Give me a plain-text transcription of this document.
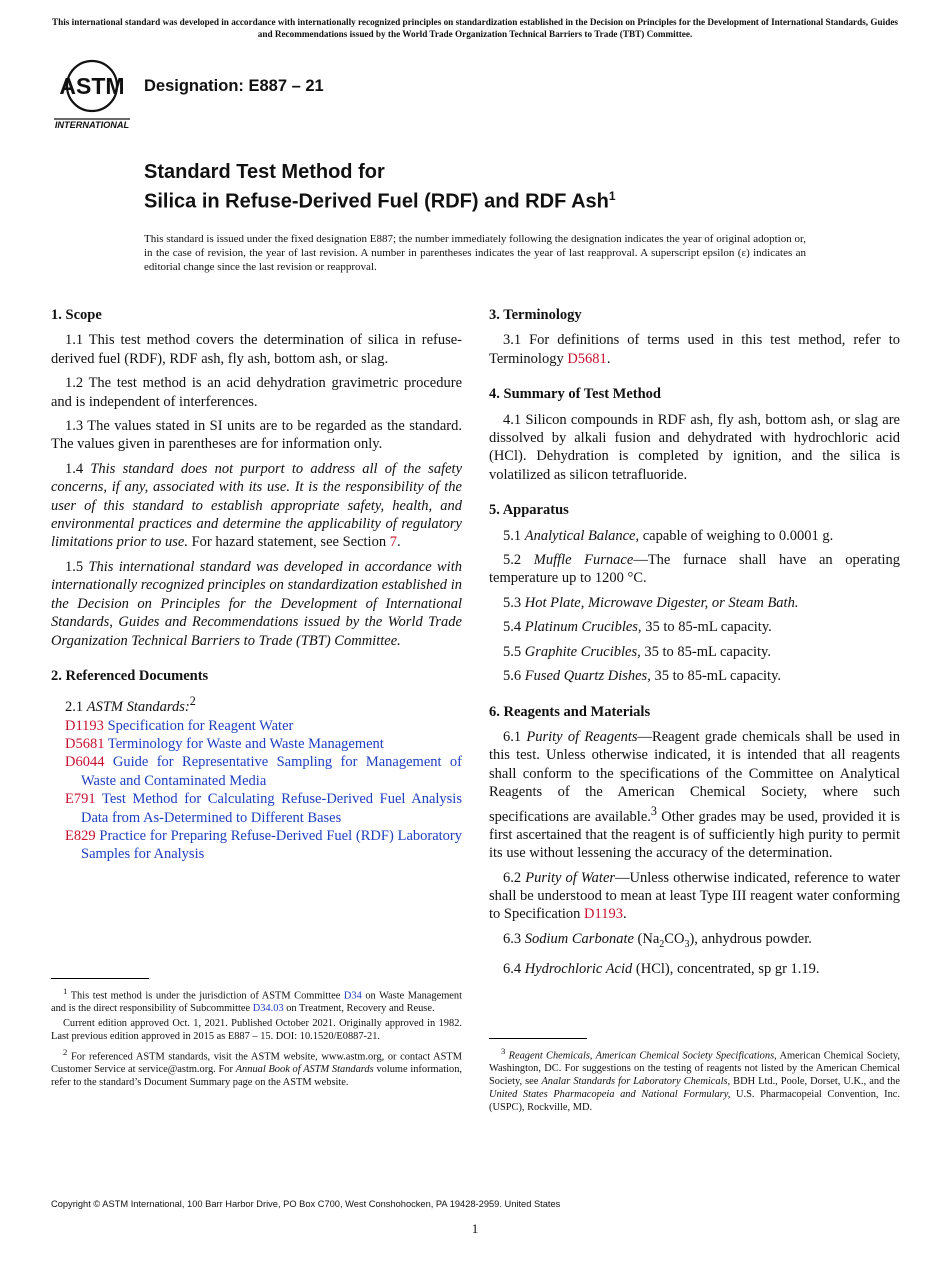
This international standard was developed in accordance with internationally recognized principles on standardization established in the Decision on Principles for the Development of International Standards, Guides and Recommendations issued by the World Trade Organization Technical Barriers to Trade (TBT) Committee.
ASTM
INTERNATIONAL
Designation: E887 – 21
Standard Test Method for
Silica in Refuse-Derived Fuel (RDF) and RDF Ash$^1$
This standard is issued under the fixed designation E887; the number immediately following the designation indicates the year of original adoption or, in the case of revision, the year of last revision. A number in parentheses indicates the year of last reapproval. A superscript epsilon (ε) indicates an editorial change since the last revision or reapproval.
1. Scope

1.1 This test method covers the determination of silica in refuse-derived fuel (RDF), RDF ash, fly ash, bottom ash, or slag.

1.2 The test method is an acid dehydration gravimetric procedure and is independent of interferences.

1.3 The values stated in SI units are to be regarded as the standard. The values given in parentheses are for information only.

1.4 This standard does not purport to address all of the safety concerns, if any, associated with its use. It is the responsibility of the user of this standard to establish appropriate safety, health, and environmental practices and determine the applicability of regulatory limitations prior to use. For hazard statement, see Section 7.

1.5 This international standard was developed in accordance with internationally recognized principles on standardization established in the Decision on Principles for the Development of International Standards, Guides and Recommendations issued by the World Trade Organization Technical Barriers to Trade (TBT) Committee.

2. Referenced Documents

2.1 ASTM Standards:$^2$

D1193 Specification for Reagent Water
D5681 Terminology for Waste and Waste Management
D6044 Guide for Representative Sampling for Management of Waste and Contaminated Media
E791 Test Method for Calculating Refuse-Derived Fuel Analysis Data from As-Determined to Different Bases
E829 Practice for Preparing Refuse-Derived Fuel (RDF) Laboratory Samples for Analysis
3. Terminology

3.1 For definitions of terms used in this test method, refer to Terminology D5681.

4. Summary of Test Method

4.1 Silicon compounds in RDF ash, fly ash, bottom ash, or slag are dissolved by alkali fusion and dehydrated with hydrochloric acid (HCl). Dehydration is completed by ignition, and the silica is volatilized as silicon tetrafluoride.

5. Apparatus

5.1 Analytical Balance, capable of weighing to 0.0001 g.

5.2 Muffle Furnace—The furnace shall have an operating temperature up to 1200 °C.

5.3 Hot Plate, Microwave Digester, or Steam Bath.

5.4 Platinum Crucibles, 35 to 85-mL capacity.

5.5 Graphite Crucibles, 35 to 85-mL capacity.

5.6 Fused Quartz Dishes, 35 to 85-mL capacity.

6. Reagents and Materials

6.1 Purity of Reagents—Reagent grade chemicals shall be used in this test. Unless otherwise indicated, it is intended that all reagents shall conform to the specifications of the Committee on Analytical Reagents of the American Chemical Society, where such specifications are available.$^3$ Other grades may be used, provided it is first ascertained that the reagent is of sufficiently high purity to permit its use without lessening the accuracy of the determination.

6.2 Purity of Water—Unless otherwise indicated, reference to water shall be understood to mean at least Type III reagent water conforming to Specification D1193.

6.3 Sodium Carbonate $(Na_2CO_3)$, anhydrous powder.

6.4 Hydrochloric Acid (HCl), concentrated, sp gr 1.19.

$^1$ This test method is under the jurisdiction of ASTM Committee D34 on Waste Management and is the direct responsibility of Subcommittee D34.03 on Treatment, Recovery and Reuse.

Current edition approved Oct. 1, 2021. Published October 2021. Originally approved in 1982. Last previous edition approved in 2015 as E887 – 15. DOI: 10.1520/E0887-21.

$^2$ For referenced ASTM standards, visit the ASTM website, www.astm.org, or contact ASTM Customer Service at service@astm.org. For Annual Book of ASTM Standards volume information, refer to the standard’s Document Summary page on the ASTM website.

$^3$ Reagent Chemicals, American Chemical Society Specifications, American Chemical Society, Washington, DC. For suggestions on the testing of reagents not listed by the American Chemical Society, see Analar Standards for Laboratory Chemicals, BDH Ltd., Poole, Dorset, U.K., and the United States Pharmacopeia and National Formulary, U.S. Pharmacopeial Convention, Inc. (USPC), Rockville, MD.

Copyright © ASTM International, 100 Barr Harbor Drive, PO Box C700, West Conshohocken, PA 19428-2959. United States
1
